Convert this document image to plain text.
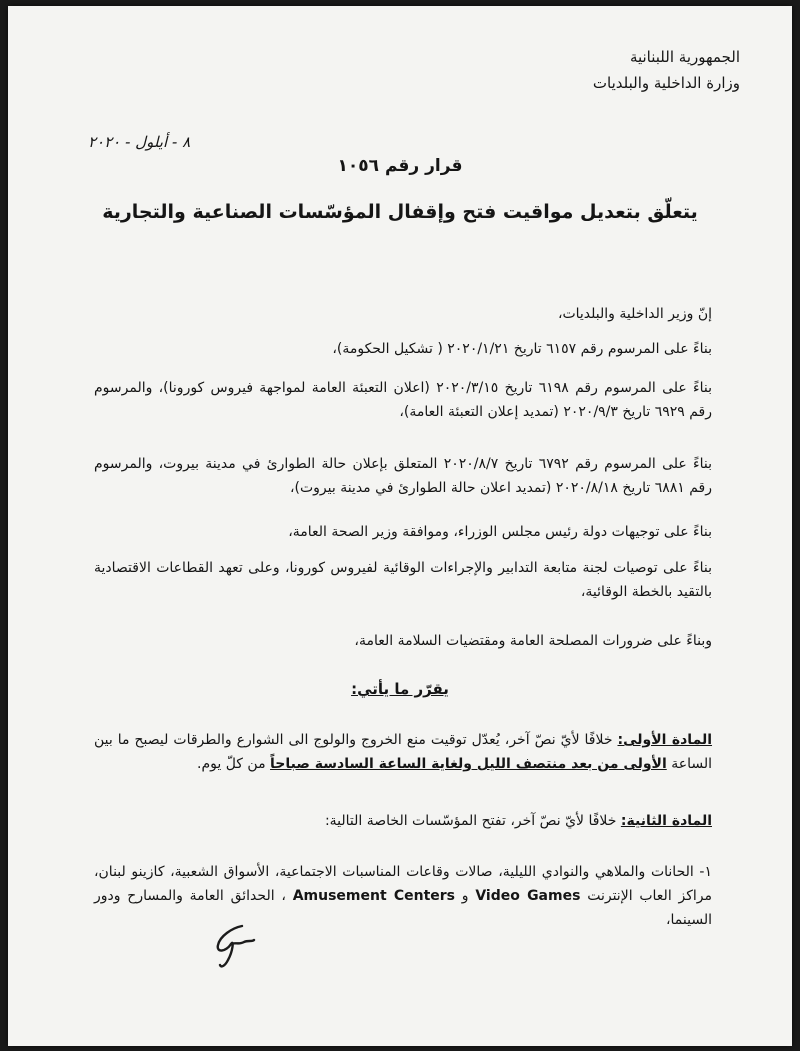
الجمهورية اللبنانية
وزارة الداخلية والبلديات
٨ - أيلول - ٢٠٢٠
قرار رقم ١٠٥٦
يتعلّق بتعديل مواقيت فتح وإقفال المؤسّسات الصناعية والتجارية
إنّ وزير الداخلية والبلديات،
بناءً على المرسوم رقم ٦١٥٧ تاريخ ٢٠٢٠/١/٢١ ( تشكيل الحكومة)،
بناءً على المرسوم رقم ٦١٩٨ تاريخ ٢٠٢٠/٣/١٥ (اعلان التعبئة العامة لمواجهة فيروس كورونا)، والمرسوم رقم ٦٩٢٩ تاريخ ٢٠٢٠/٩/٣ (تمديد إعلان التعبئة العامة)،
بناءً على المرسوم رقم ٦٧٩٢ تاريخ ٢٠٢٠/٨/٧ المتعلق بإعلان حالة الطوارئ في مدينة بيروت، والمرسوم رقم ٦٨٨١ تاريخ ٢٠٢٠/٨/١٨ (تمديد اعلان حالة الطوارئ في مدينة بيروت)،
بناءً على توجيهات دولة رئيس مجلس الوزراء، وموافقة وزير الصحة العامة،
بناءً على توصيات لجنة متابعة التدابير والإجراءات الوقائية لفيروس كورونا، وعلى تعهد القطاعات الاقتصادية بالتقيد بالخطة الوقائية،
وبناءً على ضرورات المصلحة العامة ومقتضيات السلامة العامة،
يقرّر ما يأتي:
المادة الأولى: خلافًا لأيّ نصّ آخر، يُعدّل توقيت منع الخروج والولوج الى الشوارع والطرقات ليصبح ما بين الساعة الأولى من بعد منتصف الليل ولغاية الساعة السادسة صباحاً من كلّ يوم.
المادة الثانية: خلافًا لأيّ نصّ آخر، تفتح المؤسّسات الخاصة التالية:
١- الحانات والملاهي والنوادي الليلية، صالات وقاعات المناسبات الاجتماعية، الأسواق الشعبية، كازينو لبنان، مراكز العاب الإنترنت Video Games و Amusement Centers ، الحدائق العامة والمسارح ودور السينما،
